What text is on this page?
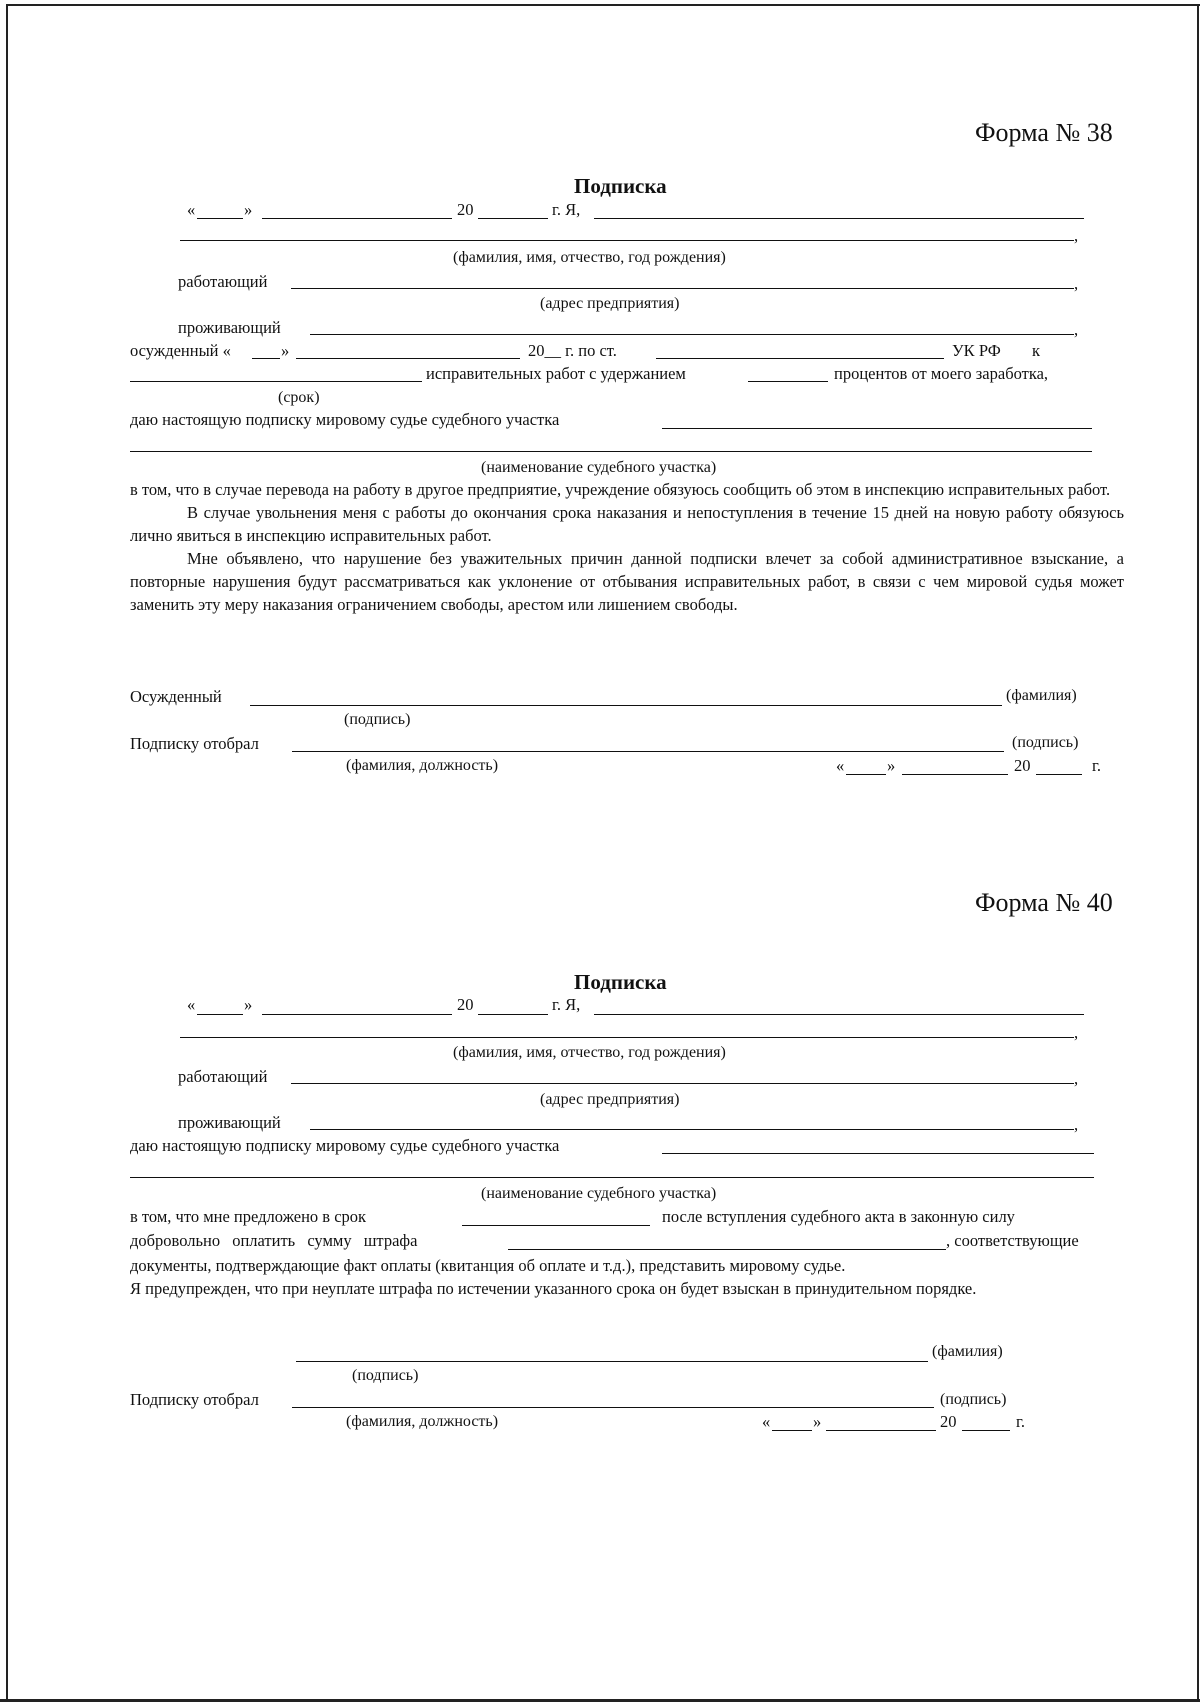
Форма № 38
Подписка
«	»	20	г. Я,
,
(фамилия, имя, отчество, год рождения)
работающий	,
(адрес предприятия)
проживающий	,
осужденный «	»	20__ г. по ст.	УК РФ к
исправительных работ с удержанием	процентов от моего заработка,
(срок)
даю настоящую подписку мировому судье судебного участка
(наименование судебного участка)

в том, что в случае перевода на работу в другое предприятие, учреждение обязуюсь сообщить об этом в инспекцию исправительных работ.

В случае увольнения меня с работы до окончания срока наказания и непоступления в течение 15 дней на новую работу обязуюсь лично явиться в инспекцию исправительных работ.

Мне объявлено, что нарушение без уважительных причин данной подписки влечет за собой административное взыскание, а повторные нарушения будут рассматриваться как уклонение от отбывания исправительных работ, в связи с чем мировой судья может заменить эту меру наказания ограничением свободы, арестом или лишением свободы.

Осужденный	(фамилия)
(подпись)
Подписку отобрал	(подпись)
(фамилия, должность)	«	»	20	г.
Форма № 40
Подписка
«	»	20	г. Я,
,
(фамилия, имя, отчество, год рождения)
работающий	,
(адрес предприятия)
проживающий	,
даю настоящую подписку мировому судье судебного участка
(наименование судебного участка)
в том, что мне предложено в срок	после вступления судебного акта в законную силу
добровольно оплатить сумму штрафа	, соответствующие

документы, подтверждающие факт оплаты (квитанция об оплате и т.д.), представить мировому судье.

Я предупрежден, что при неуплате штрафа по истечении указанного срока он будет взыскан в принудительном порядке.

(фамилия)
(подпись)
Подписку отобрал	(подпись)
(фамилия, должность)	«	»	20	г.
